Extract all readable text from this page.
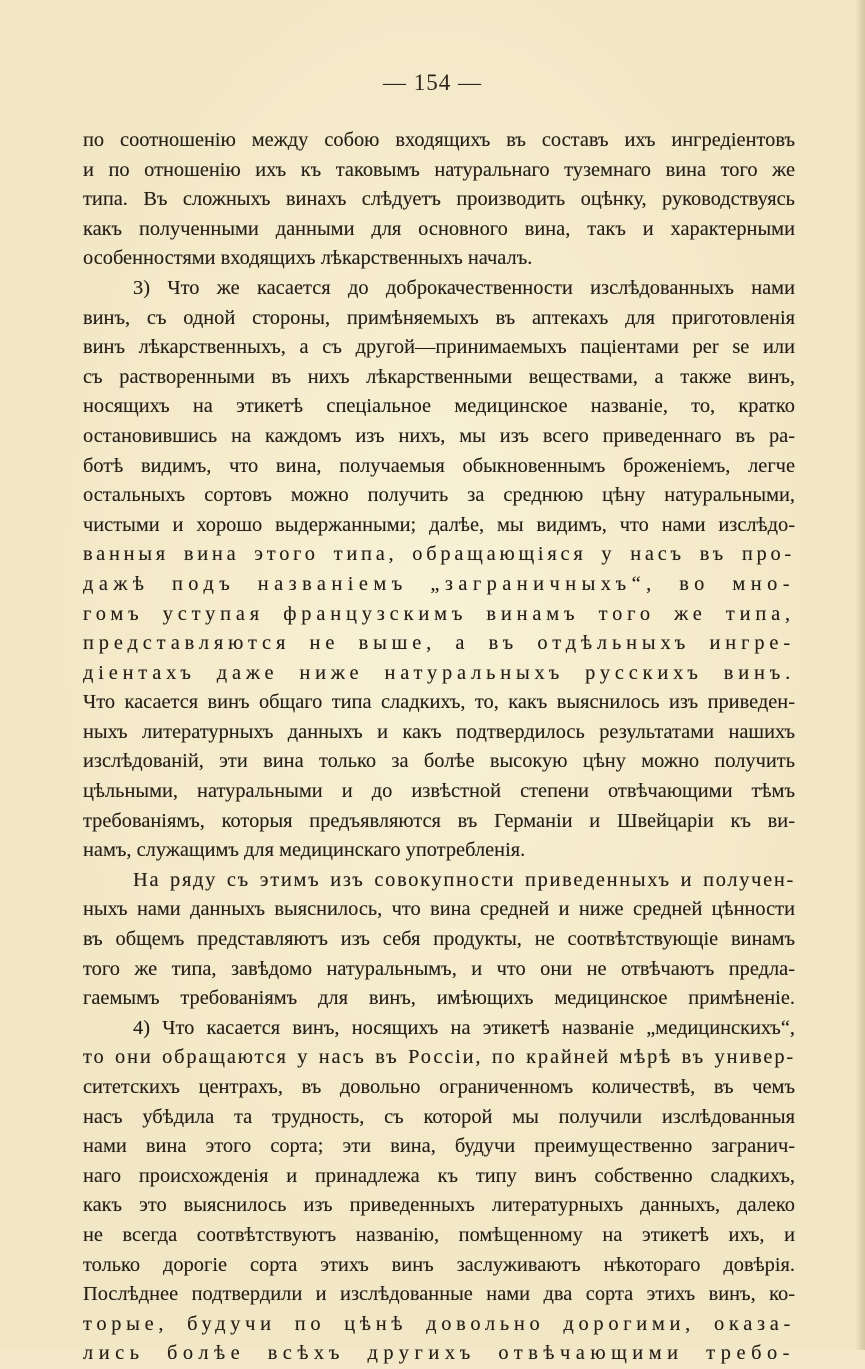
— 154 —
по соотношенію между собою входящихъ въ составъ ихъ ингредіентовъ
и по отношенію ихъ къ таковымъ натуральнаго туземнаго вина того же
типа. Въ сложныхъ винахъ слѣдуетъ производить оцѣнку, руководствуясь
какъ полученными данными для основного вина, такъ и характерными
особенностями входящихъ лѣкарственныхъ началъ.
3) Что же касается до доброкачественности изслѣдованныхъ нами
винъ, съ одной стороны, примѣняемыхъ въ аптекахъ для приготовленія
винъ лѣкарственныхъ, а съ другой—принимаемыхъ пацiентами per se или
съ растворенными въ нихъ лѣкарственными веществами, а также винъ,
носящихъ на этикетѣ спеціальное медицинское названіе, то, кратко
остановившись на каждомъ изъ нихъ, мы изъ всего приведеннаго въ ра-
ботѣ видимъ, что вина, получаемыя обыкновеннымъ броженіемъ, легче
остальныхъ сортовъ можно получить за среднюю цѣну натуральными,
чистыми и хорошо выдержанными; далѣе, мы видимъ, что нами изслѣдо-
ванныя вина этого типа, обращающіяся у насъ въ про-
дажѣ подъ названіемъ „заграничныхъ“, во мно-
гомъ уступая французскимъ винамъ того же типа,
представляются не выше, а въ отдѣльныхъ ингре-
діентахъ даже ниже натуральныхъ русскихъ винъ.
Что касается винъ общаго типа сладкихъ, то, какъ выяснилось изъ приведен-
ныхъ литературныхъ данныхъ и какъ подтвердилось результатами нашихъ
изслѣдованій, эти вина только за болѣе высокую цѣну можно получить
цѣльными, натуральными и до извѣстной степени отвѣчающими тѣмъ
требованіямъ, которыя предъявляются въ Германіи и Швейцаріи къ ви-
намъ, служащимъ для медицинскаго употребленія.
На ряду съ этимъ изъ совокупности приведенныхъ и получен-
ныхъ нами данныхъ выяснилось, что вина средней и ниже средней цѣнности
въ общемъ представляютъ изъ себя продукты, не соотвѣтствующіе винамъ
того же типа, завѣдомо натуральнымъ, и что они не отвѣчаютъ предла-
гаемымъ требованіямъ для винъ, имѣющихъ медицинское примѣненіе.
4) Что касается винъ, носящихъ на этикетѣ названіе „медицинскихъ“,
то они обращаются у насъ въ Россіи, по крайней мѣрѣ въ универ-
ситетскихъ центрахъ, въ довольно ограниченномъ количествѣ, въ чемъ
насъ убѣдила та трудность, съ которой мы получили изслѣдованныя
нами вина этого сорта; эти вина, будучи преимущественно загранич-
наго происхожденія и принадлежа къ типу винъ собственно сладкихъ,
какъ это выяснилось изъ приведенныхъ литературныхъ данныхъ, далеко
не всегда соотвѣтствуютъ названію, помѣщенному на этикетѣ ихъ, и
только дорогіе сорта этихъ винъ заслуживаютъ нѣкотораго довѣрія.
Послѣднее подтвердили и изслѣдованные нами два сорта этихъ винъ, ко-
торые, будучи по цѣнѣ довольно дорогими, оказа-
лись болѣе всѣхъ другихъ отвѣчающими требо-
